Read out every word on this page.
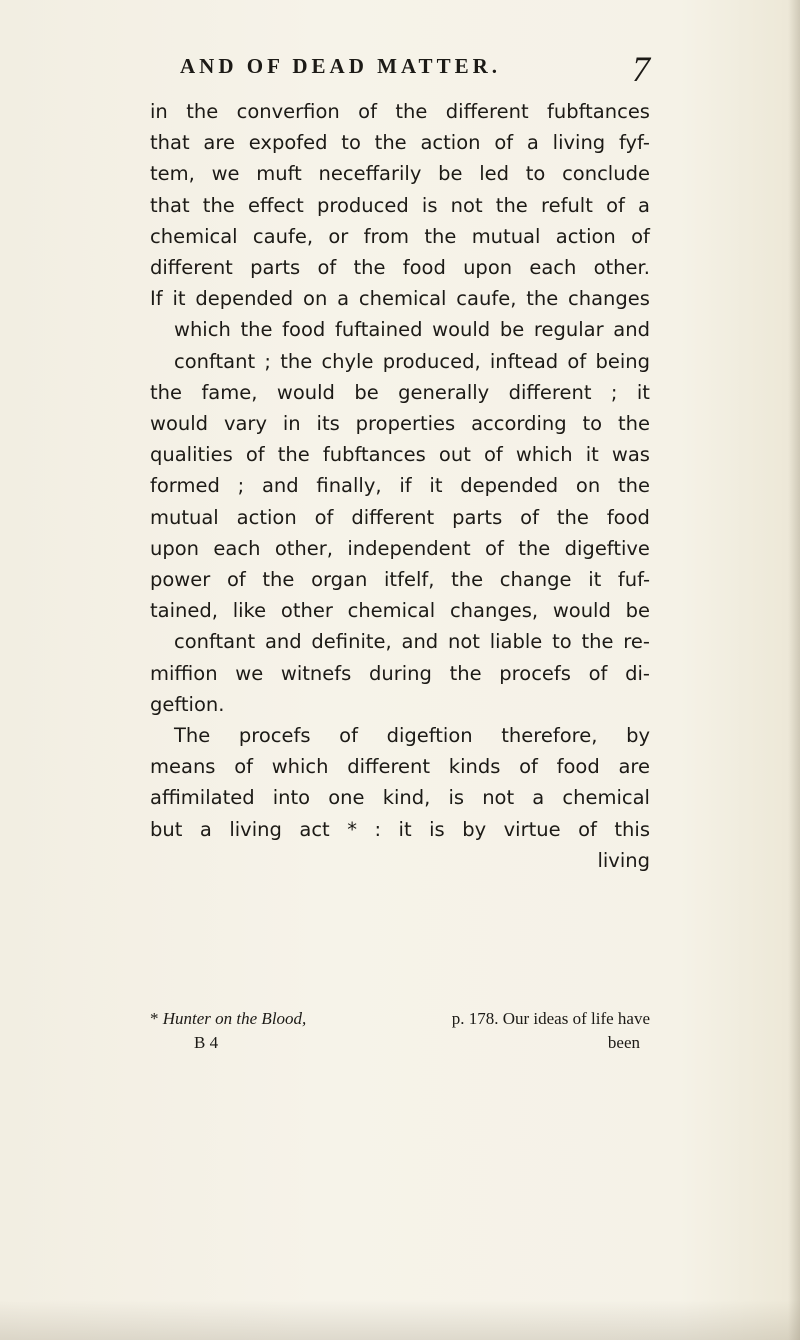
AND OF DEAD MATTER.	7
in the converfion of the different fubftances
that are expofed to the action of a living fyf-
tem, we muft neceffarily be led to conclude
that the effect produced is not the refult of a
chemical caufe, or from the mutual action of
different parts of the food upon each other.
If it depended on a chemical caufe, the changes
which the food fuftained would be regular and
conftant ; the chyle produced, inftead of being
the fame, would be generally different ; it
would vary in its properties according to the
qualities of the fubftances out of which it was
formed ; and finally, if it depended on the
mutual action of different parts of the food
upon each other, independent of the digeftive
power of the organ itfelf, the change it fuf-
tained, like other chemical changes, would be
conftant and definite, and not liable to the re-
miffion we witnefs during the procefs of di-
geftion.
The procefs of digeftion therefore, by
means of which different kinds of food are
affimilated into one kind, is not a chemical
but a living act * : it is by virtue of this
living
* Hunter on the Blood,	p. 178. Our ideas of life have
B 4	been
